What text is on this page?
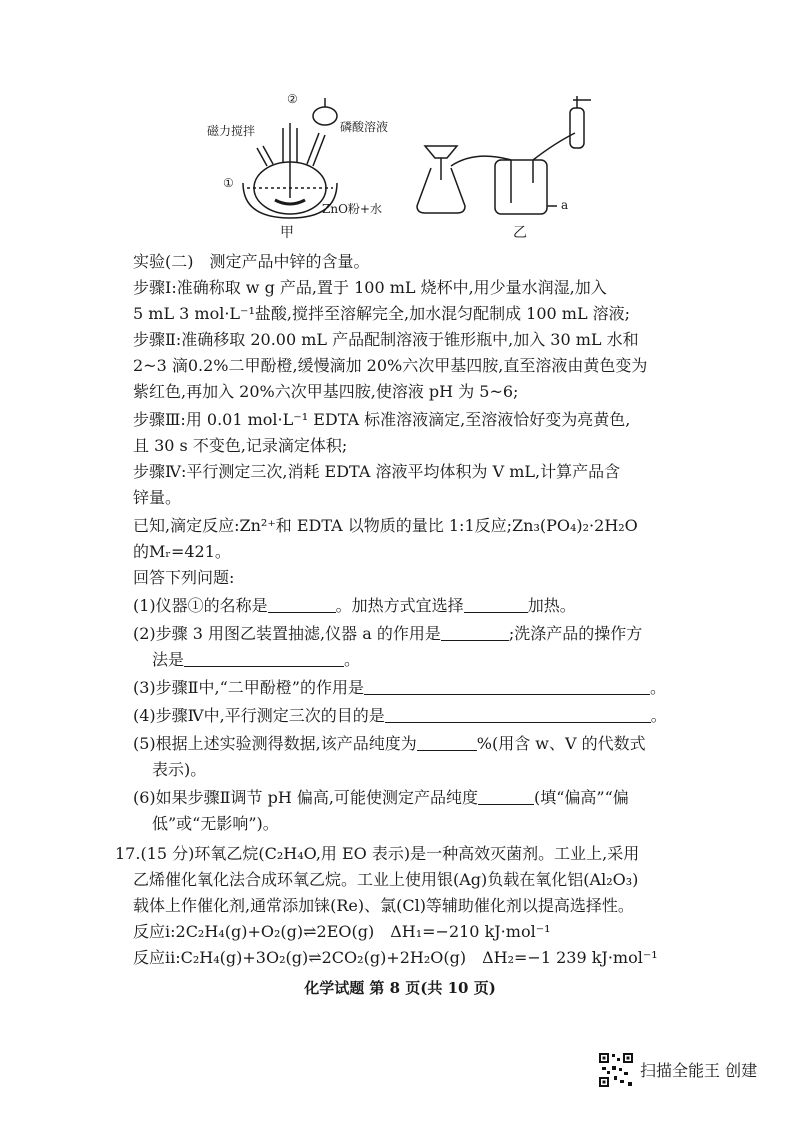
磁力搅拌
①
②
磷酸溶液
ZnO粉+水
甲
a
乙
实验(二)　测定产品中锌的含量。
步骤Ⅰ:准确称取 w g 产品,置于 100 mL 烧杯中,用少量水润湿,加入
5 mL 3 mol·L⁻¹盐酸,搅拌至溶解完全,加水混匀配制成 100 mL 溶液;
步骤Ⅱ:准确移取 20.00 mL 产品配制溶液于锥形瓶中,加入 30 mL 水和
2~3 滴0.2%二甲酚橙,缓慢滴加 20%六次甲基四胺,直至溶液由黄色变为
紫红色,再加入 20%六次甲基四胺,使溶液 pH 为 5~6;
步骤Ⅲ:用 0.01 mol·L⁻¹ EDTA 标准溶液滴定,至溶液恰好变为亮黄色,
且 30 s 不变色,记录滴定体积;
步骤Ⅳ:平行测定三次,消耗 EDTA 溶液平均体积为 V mL,计算产品含
锌量。
已知,滴定反应:Zn²⁺和 EDTA 以物质的量比 1:1反应;Zn₃(PO₄)₂·2H₂O
的Mᵣ=421。
回答下列问题:
(1)仪器①的名称是	。加热方式宜选择	加热。
(2)步骤 3 用图乙装置抽滤,仪器 a 的作用是	;洗涤产品的操作方
法是	。
(3)步骤Ⅱ中,“二甲酚橙”的作用是	。
(4)步骤Ⅳ中,平行测定三次的目的是	。
(5)根据上述实验测得数据,该产品纯度为	%(用含 w、V 的代数式
表示)。
(6)如果步骤Ⅱ调节 pH 偏高,可能使测定产品纯度	(填“偏高”“偏
低”或“无影响”)。
17.(15 分)环氧乙烷(C₂H₄O,用 EO 表示)是一种高效灭菌剂。工业上,采用
乙烯催化氧化法合成环氧乙烷。工业上使用银(Ag)负载在氧化铝(Al₂O₃)
载体上作催化剂,通常添加铼(Re)、氯(Cl)等辅助催化剂以提高选择性。
反应ⅰ:2C₂H₄(g)+O₂(g)⇌2EO(g)　ΔH₁=−210 kJ·mol⁻¹
反应ⅱ:C₂H₄(g)+3O₂(g)⇌2CO₂(g)+2H₂O(g)　ΔH₂=−1 239 kJ·mol⁻¹
化学试题 第 8 页(共 10 页)
扫描全能王 创建
